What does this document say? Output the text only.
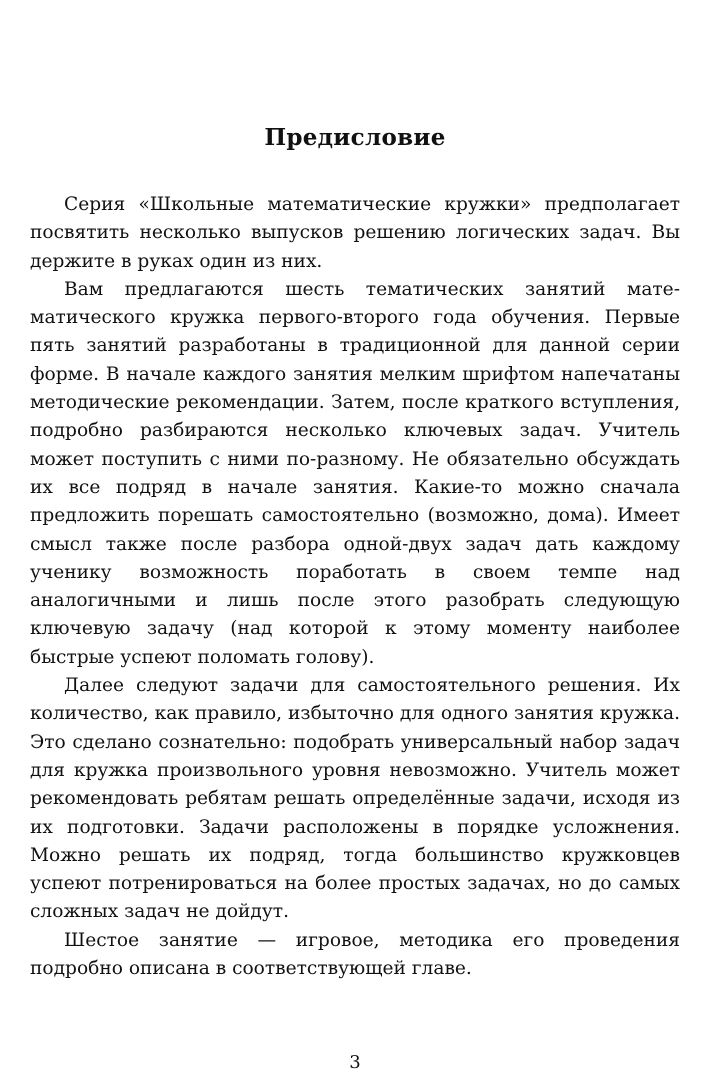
Предисловие

Серия «Школьные математические кружки» предполагает посвятить несколько выпусков решению логических задач. Вы держите в руках один из них.

Вам предлагаются шесть тематических занятий математического кружка первого-второго года обучения. Первые пять занятий разработаны в традиционной для данной серии форме. В начале каждого занятия мелким шрифтом напечатаны методические рекомендации. Затем, после краткого вступления, подробно разбираются несколько ключевых задач. Учитель может поступить с ними по-разному. Не обязательно обсуждать их все подряд в начале занятия. Какие-то можно сначала предложить порешать самостоятельно (возможно, дома). Имеет смысл также после разбора одной-двух задач дать каждому ученику возможность поработать в своем темпе над аналогичными и лишь после этого разобрать следующую ключевую задачу (над которой к этому моменту наиболее быстрые успеют поломать голову).

Далее следуют задачи для самостоятельного решения. Их количество, как правило, избыточно для одного занятия кружка. Это сделано сознательно: подобрать универсальный набор задач для кружка произвольного уровня невозможно. Учитель может рекомендовать ребятам решать определённые задачи, исходя из их подготовки. Задачи расположены в порядке усложнения. Можно решать их подряд, тогда большинство кружковцев успеют потренироваться на более простых задачах, но до самых сложных задач не дойдут.

Шестое занятие — игровое, методика его проведения подробно описана в соответствующей главе.

3
